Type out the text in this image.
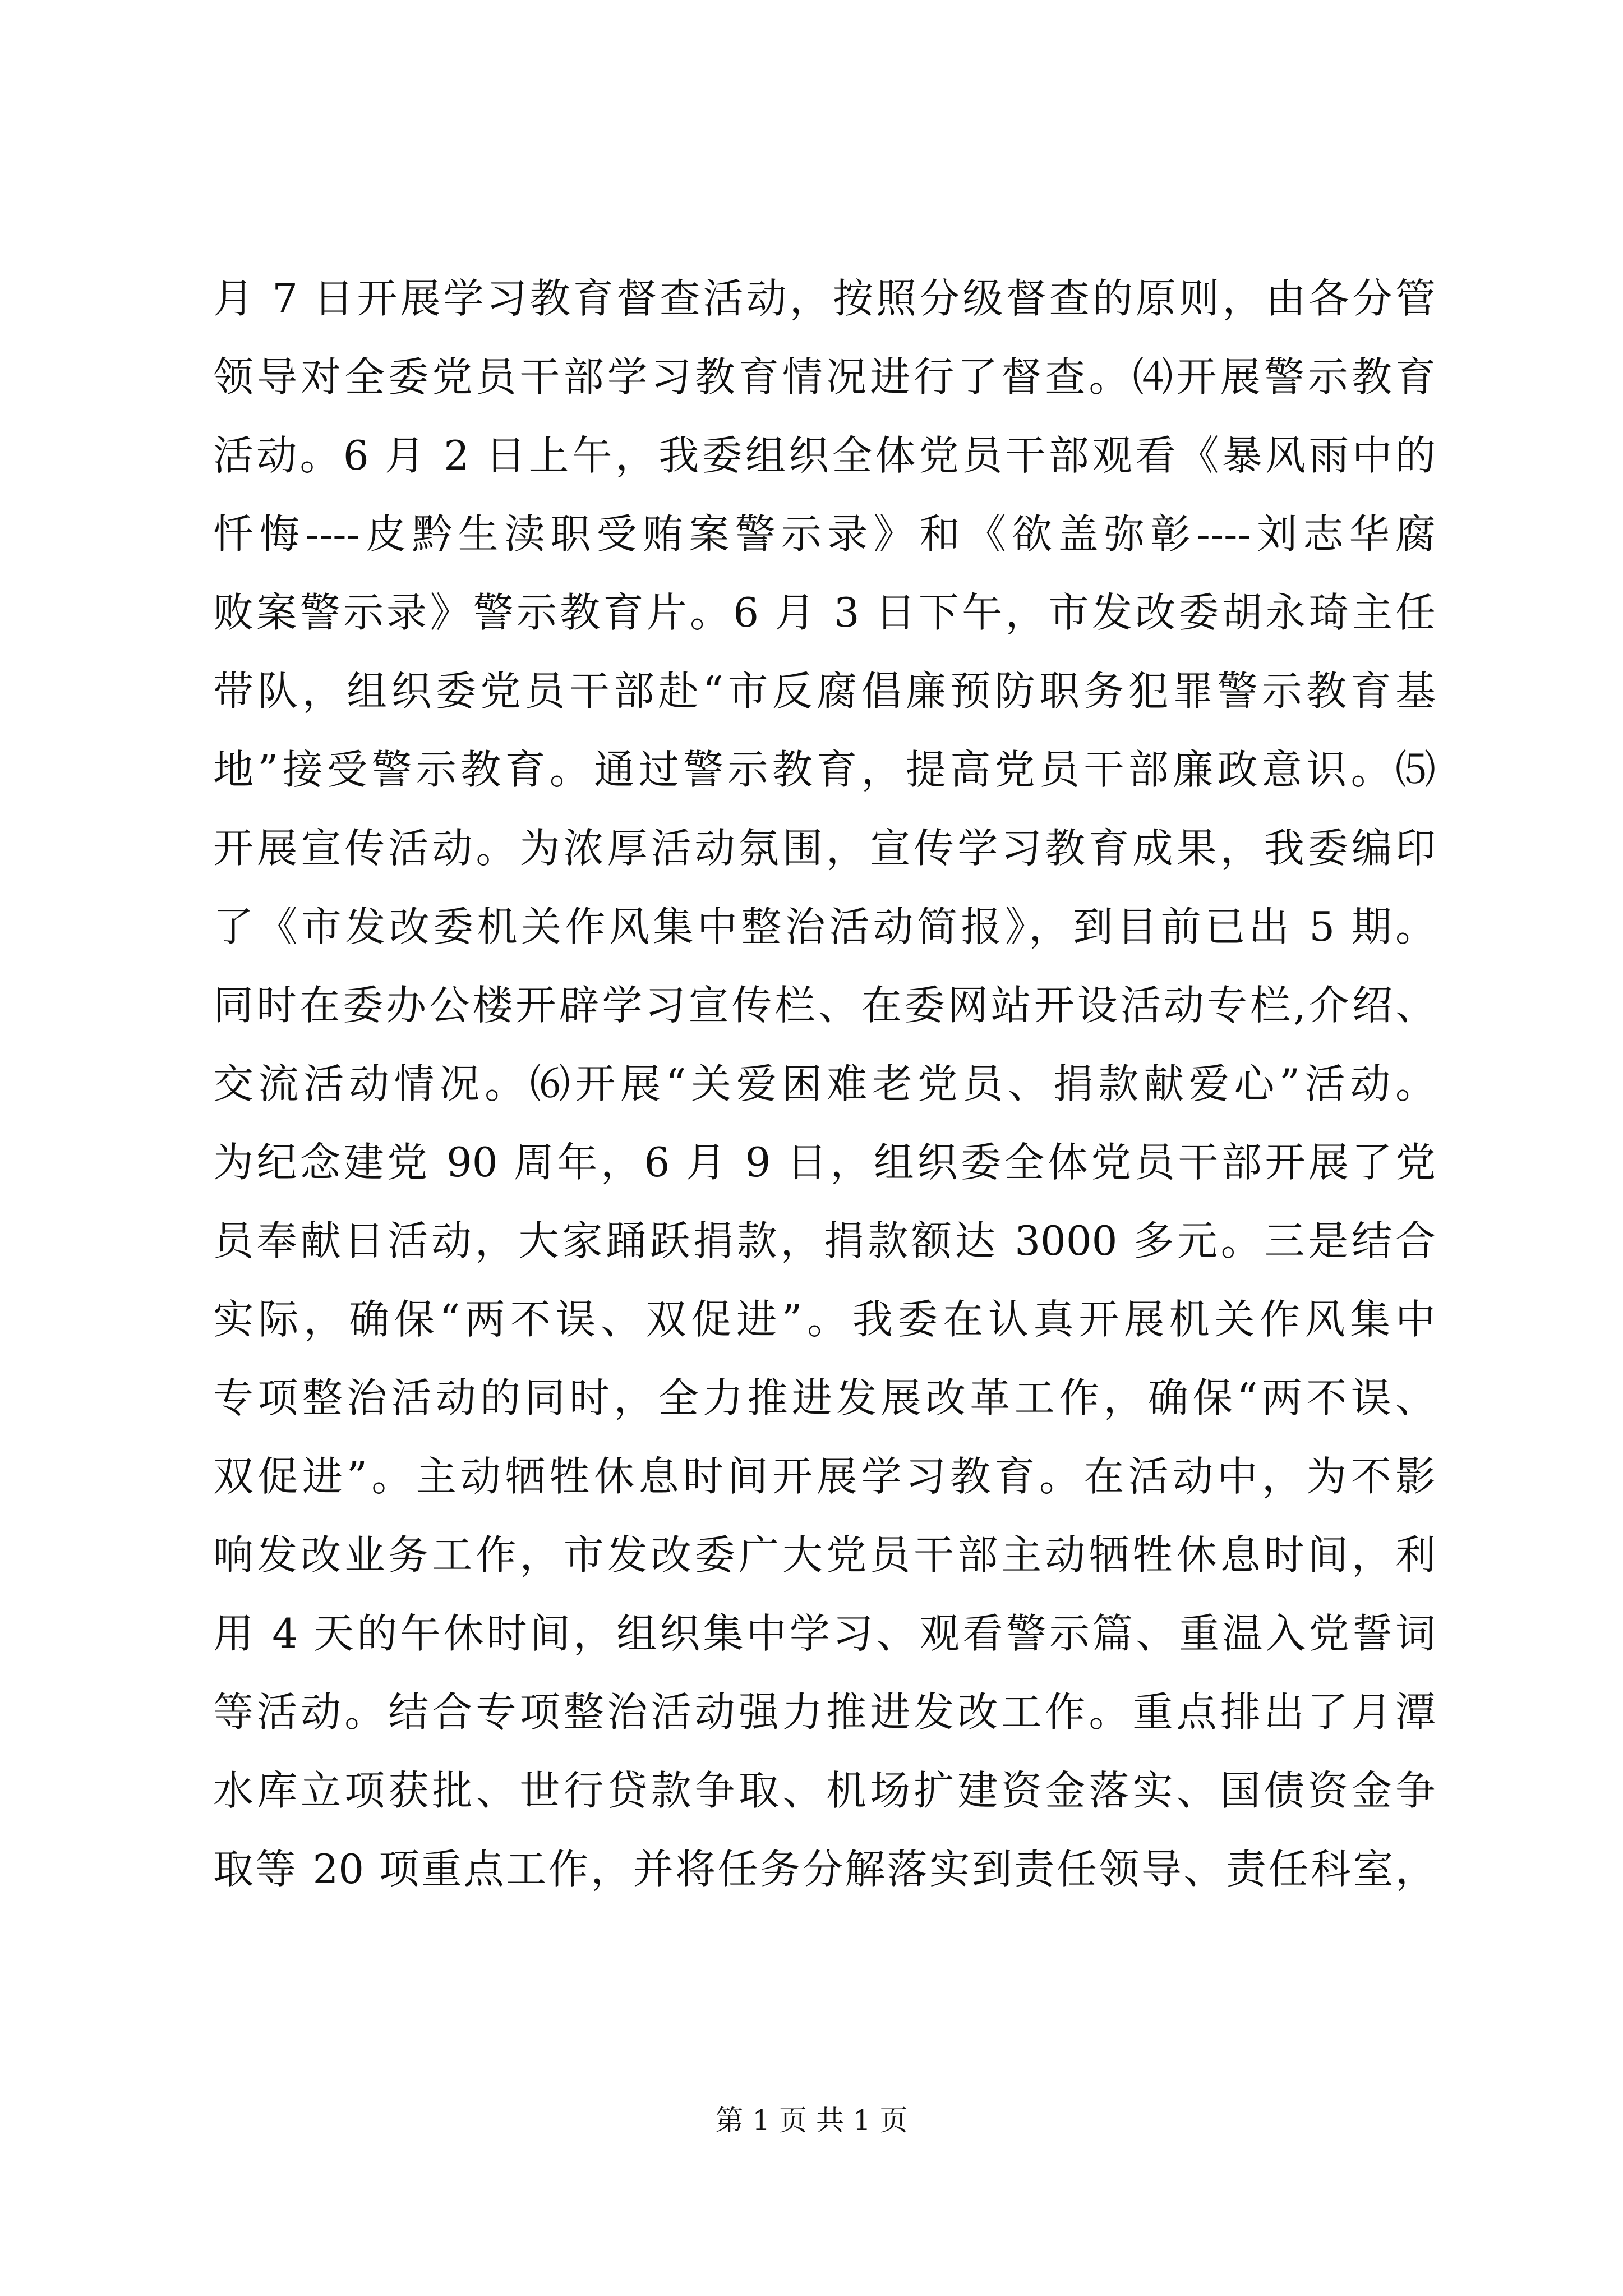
月 7 日开展学习教育督查活动，按照分级督查的原则，由各分管
领导对全委党员干部学习教育情况进行了督查。⑷开展警示教育
活动。6 月 2 日上午，我委组织全体党员干部观看《暴风雨中的
忏悔----皮黔生渎职受贿案警示录》和《欲盖弥彰----刘志华腐
败案警示录》警示教育片。6 月 3 日下午，市发改委胡永琦主任
带队，组织委党员干部赴“市反腐倡廉预防职务犯罪警示教育基
地”接受警示教育。通过警示教育，提高党员干部廉政意识。⑸
开展宣传活动。为浓厚活动氛围，宣传学习教育成果，我委编印
了《市发改委机关作风集中整治活动简报》，到目前已出 5 期。
同时在委办公楼开辟学习宣传栏、在委网站开设活动专栏,介绍、
交流活动情况。⑹开展“关爱困难老党员、捐款献爱心”活动。
为纪念建党 90 周年，6 月 9 日，组织委全体党员干部开展了党
员奉献日活动，大家踊跃捐款，捐款额达 3000 多元。三是结合
实际，确保“两不误、双促进”。我委在认真开展机关作风集中
专项整治活动的同时，全力推进发展改革工作，确保“两不误、
双促进”。主动牺牲休息时间开展学习教育。在活动中，为不影
响发改业务工作，市发改委广大党员干部主动牺牲休息时间，利
用 4 天的午休时间，组织集中学习、观看警示篇、重温入党誓词
等活动。结合专项整治活动强力推进发改工作。重点排出了月潭
水库立项获批、世行贷款争取、机场扩建资金落实、国债资金争
取等 20 项重点工作，并将任务分解落实到责任领导、责任科室，
第 1 页 共 1 页
